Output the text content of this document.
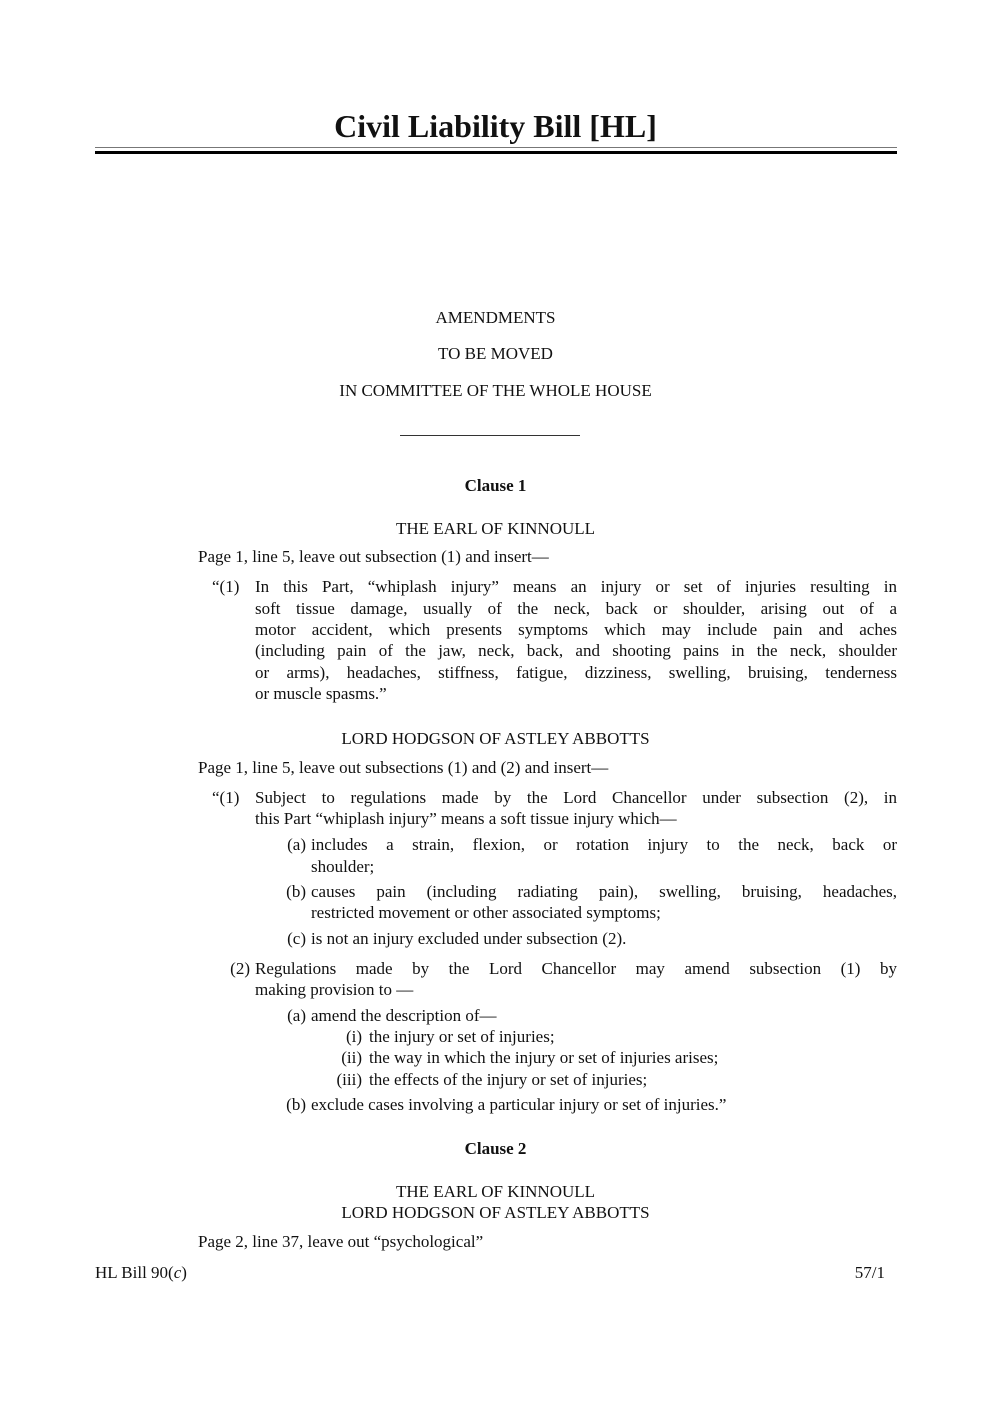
Civil Liability Bill [HL]
AMENDMENTS
TO BE MOVED
IN COMMITTEE OF THE WHOLE HOUSE
Clause 1
THE EARL OF KINNOULL
Page 1, line 5, leave out subsection (1) and insert—
“(1) In this Part, “whiplash injury” means an injury or set of injuries resulting in
soft tissue damage, usually of the neck, back or shoulder, arising out of a
motor accident, which presents symptoms which may include pain and aches
(including pain of the jaw, neck, back, and shooting pains in the neck, shoulder
or arms), headaches, stiffness, fatigue, dizziness, swelling, bruising, tenderness
or muscle spasms.”
LORD HODGSON OF ASTLEY ABBOTTS
Page 1, line 5, leave out subsections (1) and (2) and insert—
“(1) Subject to regulations made by the Lord Chancellor under subsection (2), in
this Part “whiplash injury” means a soft tissue injury which—
(a) includes a strain, flexion, or rotation injury to the neck, back or
shoulder;
(b) causes pain (including radiating pain), swelling, bruising, headaches,
restricted movement or other associated symptoms;
(c) is not an injury excluded under subsection (2).
(2) Regulations made by the Lord Chancellor may amend subsection (1) by
making provision to —
(a) amend the description of—
(i) the injury or set of injuries;
(ii) the way in which the injury or set of injuries arises;
(iii) the effects of the injury or set of injuries;
(b) exclude cases involving a particular injury or set of injuries.”
Clause 2
THE EARL OF KINNOULL
LORD HODGSON OF ASTLEY ABBOTTS
Page 2, line 37, leave out “psychological”
HL Bill 90(c)	57/1
